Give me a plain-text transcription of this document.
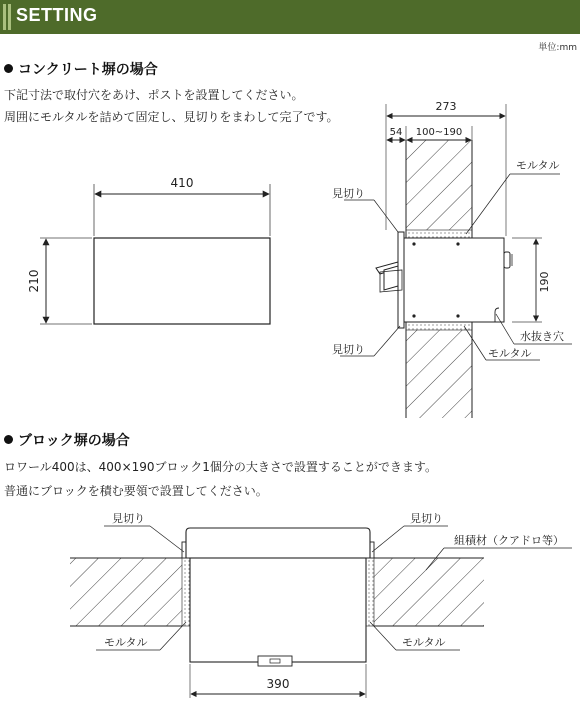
SETTING
単位:mm
コンクリート塀の場合
下記寸法で取付穴をあけ、ポストを設置してください。
周囲にモルタルを詰めて固定し、見切りをまわして完了です。
ブロック塀の場合
ロワール400は、400×190ブロック1個分の大きさで設置することができます。
普通にブロックを積む要領で設置してください。
410
210
273
54 100~190
190
見切り
モルタル
見切り	モルタル
水抜き穴
390
見切り	見切り
組積材（クアドロ等）
モルタル	モルタル
